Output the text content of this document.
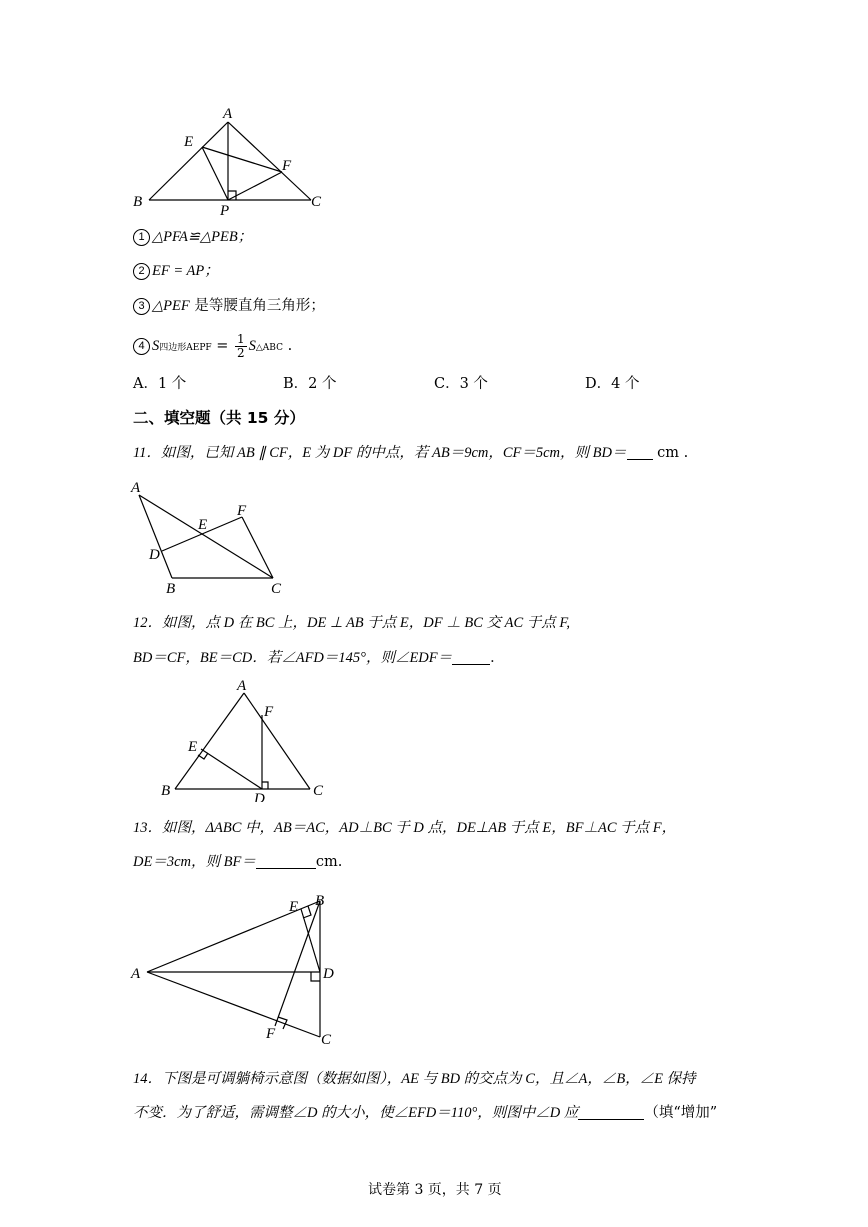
A
E
F
B
P
C
1 △PFA≌△PEB；
2 EF = AP；
3 △PEF 是等腰直角三角形；
4 S四边形AEPF = $\frac{1}{2}$ S△ABC .
A．1 个	B．2 个	C．3 个	D．4 个
二、填空题（共 15 分）
11．如图，已知 AB ∥ CF，E 为 DF 的中点，若 AB＝9cm，CF＝5cm，则 BD＝ cm .
A
F
E
D
B	C
12．如图，点 D 在 BC 上，DE ⊥ AB 于点 E，DF ⊥ BC 交 AC 于点 F,
BD＝CF，BE＝CD．若∠AFD＝145°，则∠EDF＝	．
A
F
E
B	D	C
13．如图，ΔABC 中，AB＝AC，AD⊥BC 于 D 点，DE⊥AB 于点 E，BF⊥AC 于点 F，
DE＝3cm，则 BF＝	cm.
E B
A	D
F	C
14．下图是可调躺椅示意图（数据如图），AE 与 BD 的交点为 C，且∠A，∠B，∠E 保持
不变．为了舒适，需调整∠D 的大小，使∠EFD＝110°，则图中∠D 应	（填“增加”
试卷第 3 页，共 7 页
